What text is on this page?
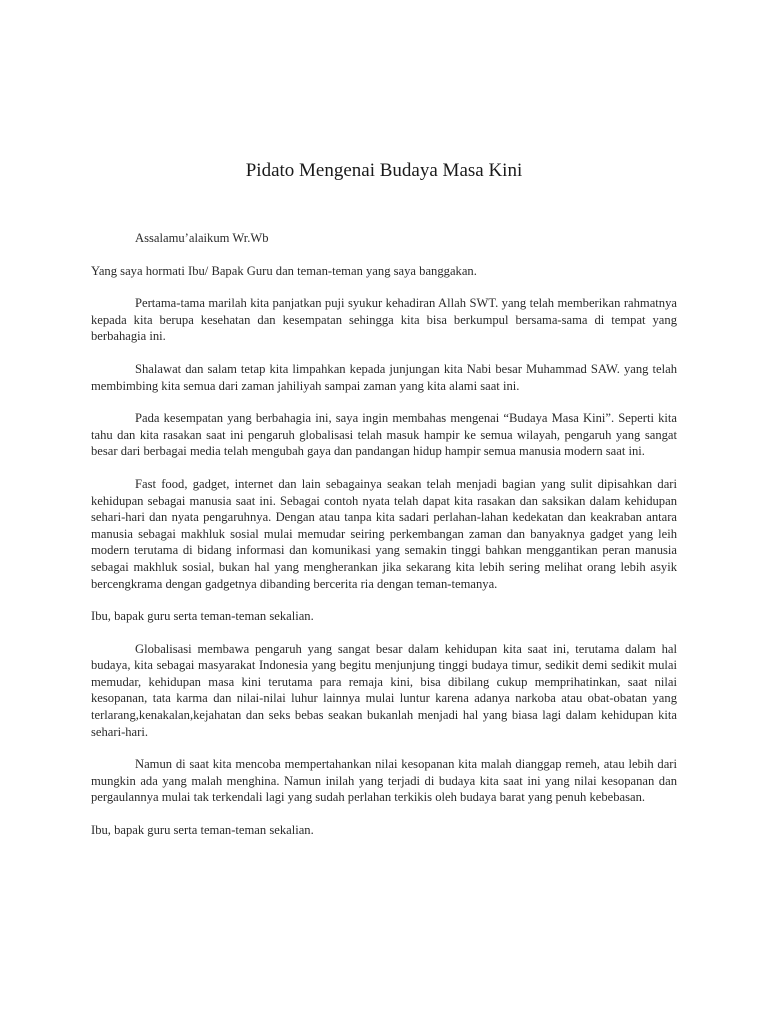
Pidato Mengenai Budaya Masa Kini

Assalamu’alaikum Wr.Wb

Yang saya hormati Ibu/ Bapak Guru dan teman-teman yang saya banggakan.

Pertama-tama marilah kita panjatkan puji syukur kehadiran Allah SWT. yang telah memberikan rahmatnya kepada kita berupa kesehatan dan kesempatan sehingga kita bisa berkumpul bersama-sama di tempat yang berbahagia ini.

Shalawat dan salam tetap kita limpahkan kepada junjungan kita Nabi besar Muhammad SAW. yang telah membimbing kita semua dari zaman jahiliyah sampai zaman yang kita alami saat ini.

Pada kesempatan yang berbahagia ini, saya ingin membahas mengenai “Budaya Masa Kini”. Seperti kita tahu dan kita rasakan saat ini pengaruh globalisasi telah masuk hampir ke semua wilayah, pengaruh yang sangat besar dari berbagai media telah mengubah gaya dan pandangan hidup hampir semua manusia modern saat ini.

Fast food, gadget, internet dan lain sebagainya seakan telah menjadi bagian yang sulit dipisahkan dari kehidupan sebagai manusia saat ini. Sebagai contoh nyata telah dapat kita rasakan dan saksikan dalam kehidupan sehari-hari dan nyata pengaruhnya. Dengan atau tanpa kita sadari perlahan-lahan kedekatan dan keakraban antara manusia sebagai makhluk sosial mulai memudar seiring perkembangan zaman dan banyaknya gadget yang leih modern terutama di bidang informasi dan komunikasi yang semakin tinggi bahkan menggantikan peran manusia sebagai makhluk sosial, bukan hal yang mengherankan jika sekarang kita lebih sering melihat orang lebih asyik bercengkrama dengan gadgetnya dibanding bercerita ria dengan teman-temanya.

Ibu, bapak guru serta teman-teman sekalian.

Globalisasi membawa pengaruh yang sangat besar dalam kehidupan kita saat ini, terutama dalam hal budaya, kita sebagai masyarakat Indonesia yang begitu menjunjung tinggi budaya timur, sedikit demi sedikit mulai memudar, kehidupan masa kini terutama para remaja kini, bisa dibilang cukup memprihatinkan, saat nilai kesopanan, tata karma dan nilai-nilai luhur lainnya mulai luntur karena adanya narkoba atau obat-obatan yang terlarang,kenakalan,kejahatan dan seks bebas seakan bukanlah menjadi hal yang biasa lagi dalam kehidupan kita sehari-hari.

Namun di saat kita mencoba mempertahankan nilai kesopanan kita malah dianggap remeh, atau lebih dari mungkin ada yang malah menghina. Namun inilah yang terjadi di budaya kita saat ini yang nilai kesopanan dan pergaulannya mulai tak terkendali lagi yang sudah perlahan terkikis oleh budaya barat yang penuh kebebasan.

Ibu, bapak guru serta teman-teman sekalian.
